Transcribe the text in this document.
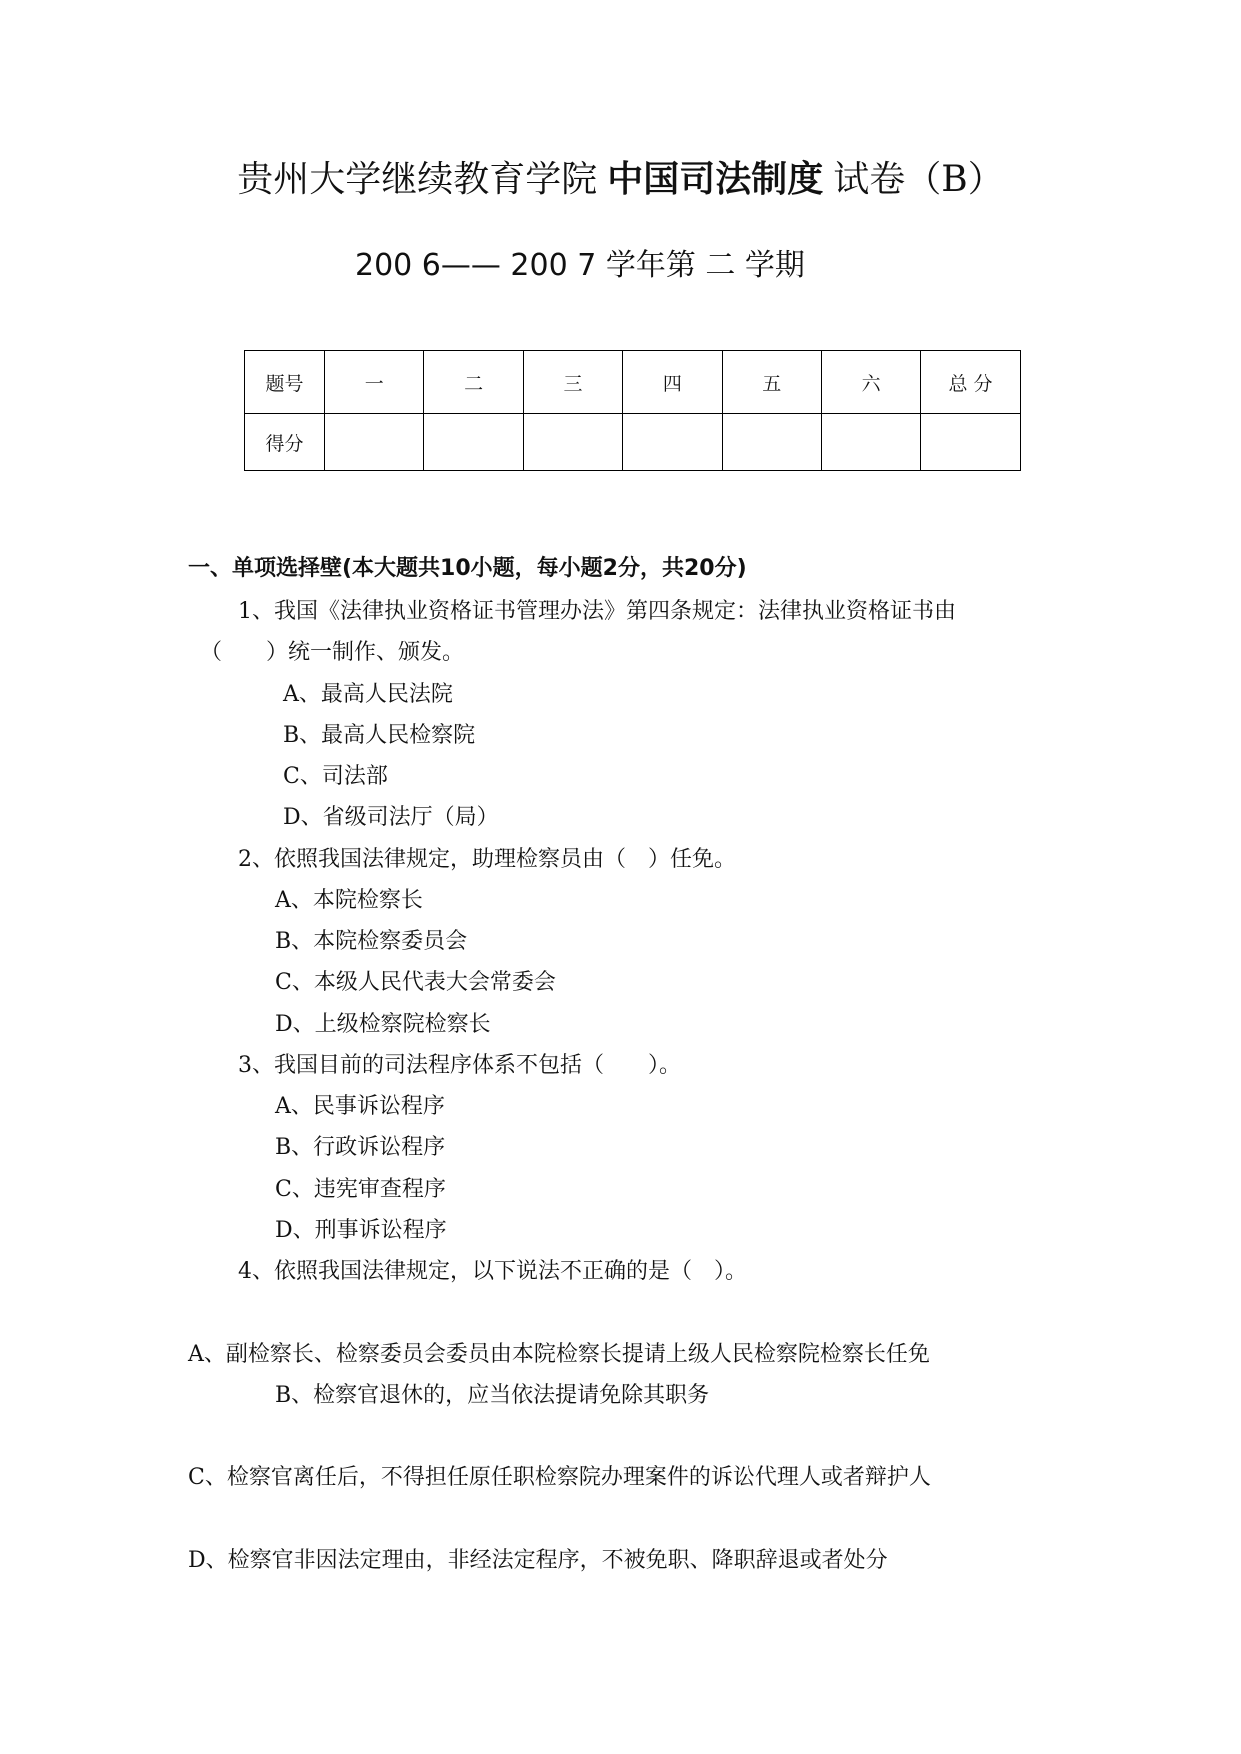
贵州大学继续教育学院 中国司法制度 试卷（B）
200 6—— 200 7 学年第 二 学期
题号	一	二	三	四	五	六	总 分
得分							
一、单项选择壁(本大题共10小题，每小题2分，共20分)
1、我国《法律执业资格证书管理办法》第四条规定：法律执业资格证书由
（　　）统一制作、颁发。
A、最高人民法院
B、最高人民检察院
C、司法部
D、省级司法厅（局）
2、依照我国法律规定，助理检察员由（　）任免。
A、本院检察长
B、本院检察委员会
C、本级人民代表大会常委会
D、上级检察院检察长
3、我国目前的司法程序体系不包括（　　）。
A、民事诉讼程序
B、行政诉讼程序
C、违宪审查程序
D、刑事诉讼程序
4、依照我国法律规定，以下说法不正确的是（　）。
A、副检察长、检察委员会委员由本院检察长提请上级人民检察院检察长任免
B、检察官退休的，应当依法提请免除其职务
C、检察官离任后，不得担任原任职检察院办理案件的诉讼代理人或者辩护人
D、检察官非因法定理由，非经法定程序，不被免职、降职辞退或者处分
